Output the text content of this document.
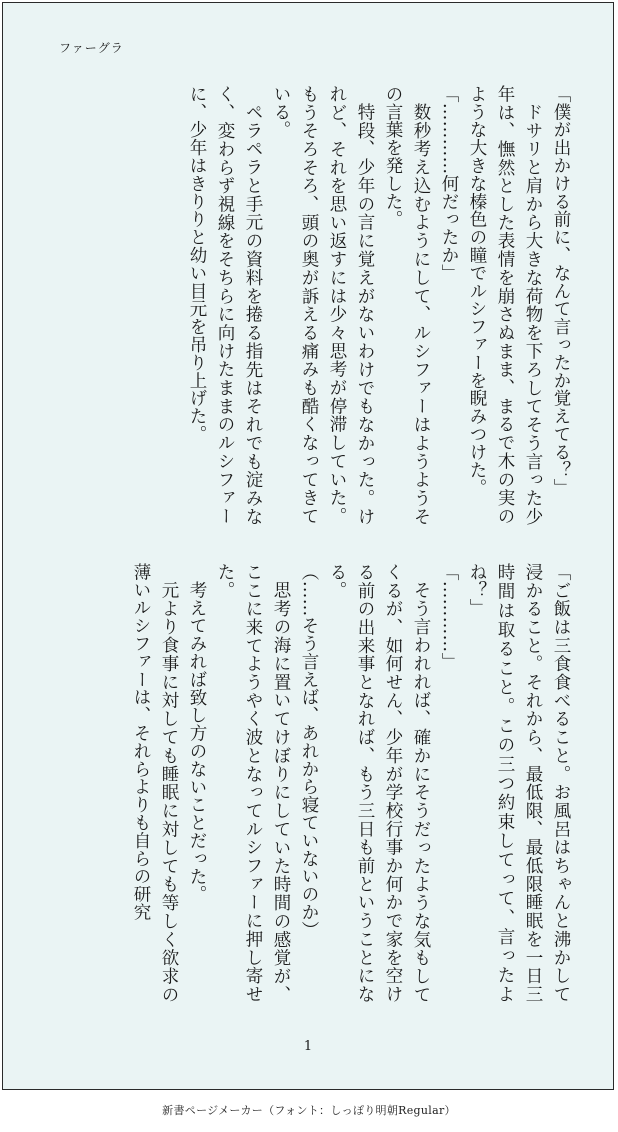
ファーグラ

「僕が出かける前に、なんて言ったか覚えてる？」

ドサリと肩から大きな荷物を下ろしてそう言った少年は、憮然とした表情を崩さぬまま、まるで木の実のような大きな榛色の瞳でルシファーを睨みつけた。

「…………何だったか」

数秒考え込むようにして、ルシファーはようようその言葉を発した。

特段、少年の言に覚えがないわけでもなかった。けれど、それを思い返すには少々思考が停滞していた。もうそろそろ、頭の奥が訴える痛みも酷くなってきている。

ペラペラと手元の資料を捲る指先はそれでも淀みなく、変わらず視線をそちらに向けたままのルシファーに、少年はきりりと幼い目元を吊り上げた。

「ご飯は三食食べること。お風呂はちゃんと沸かして浸かること。それから、最低限、最低限睡眠を一日三時間は取ること。この三つ約束してって、言ったよね？」

「…………」

そう言われれば、確かにそうだったような気もしてくるが、如何せん、少年が学校行事か何かで家を空ける前の出来事となれば、もう三日も前ということになる。

（……そう言えば、あれから寝ていないのか）

思考の海に置いてけぼりにしていた時間の感覚が、ここに来てようやく波となってルシファーに押し寄せた。

考えてみれば致し方のないことだった。

元より食事に対しても睡眠に対しても等しく欲求の薄いルシファーは、それらよりも自らの研究

1
新書ページメーカー（フォント：しっぽり明朝Regular）
